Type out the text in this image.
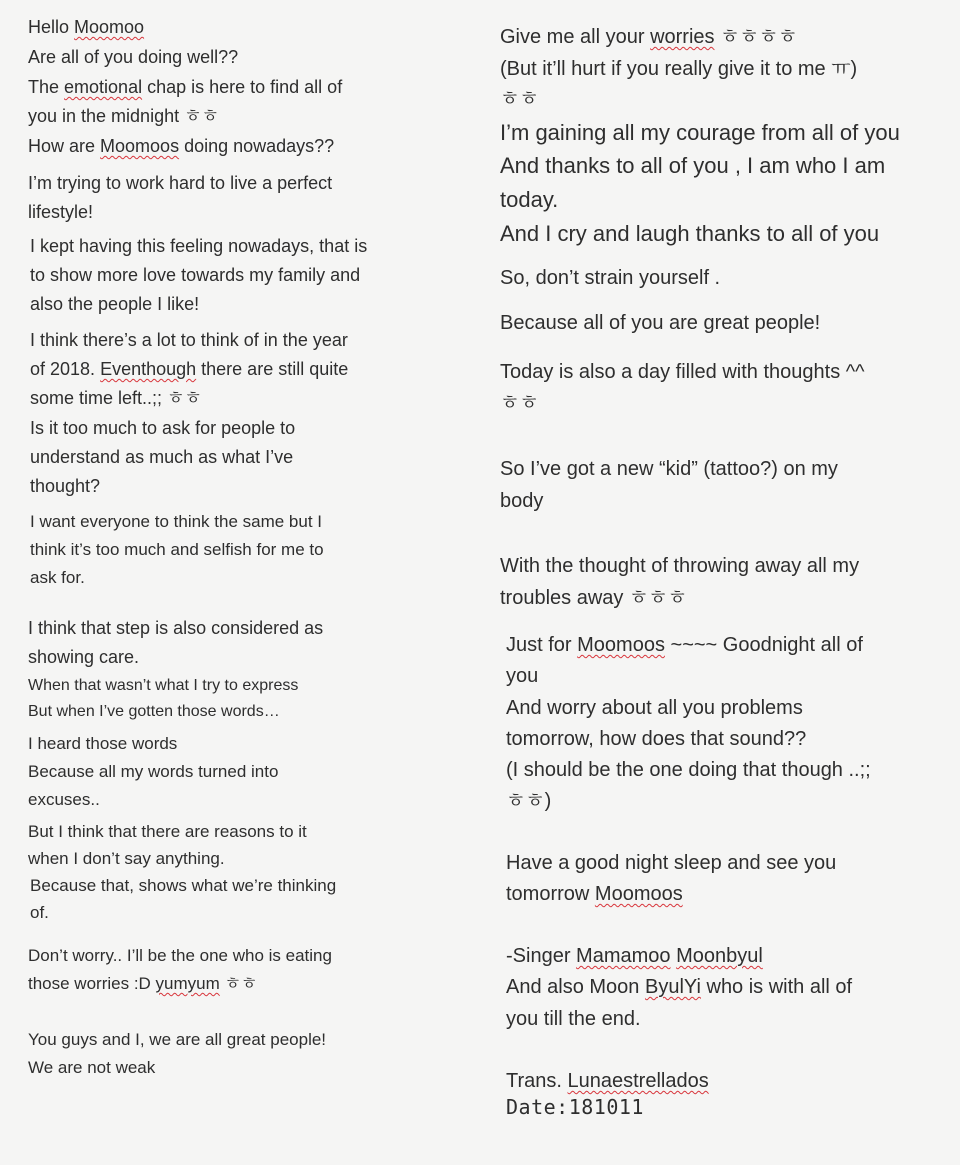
Hello Moomoo

Are all of you doing well??

The emotional chap is here to find all of

you in the midnight ㅎㅎ

How are Moomoos doing nowadays??

I’m trying to work hard to live a perfect

lifestyle!

I kept having this feeling nowadays, that is

to show more love towards my family and

also the people I like!

I think there’s a lot to think of in the year

of 2018. Eventhough there are still quite

some time left..;; ㅎㅎ

Is it too much to ask for people to

understand as much as what I’ve

thought?

I want everyone to think the same but I

think it’s too much and selfish for me to

ask for.

I think that step is also considered as

showing care.

When that wasn’t what I try to express

But when I’ve gotten those words…

I heard those words

Because all my words turned into

excuses..

But I think that there are reasons to it

when I don’t say anything.

Because that, shows what we’re thinking

of.

Don’t worry.. I’ll be the one who is eating

those worries :D yumyum ㅎㅎ

You guys and I, we are all great people!

We are not weak

Give me all your worries ㅎㅎㅎㅎ

(But it’ll hurt if you really give it to me ㅠ)

ㅎㅎ

I’m gaining all my courage from all of you

And thanks to all of you , I am who I am

today.

And I cry and laugh thanks to all of you

So, don’t strain yourself .

Because all of you are great people!

Today is also a day filled with thoughts ^^

ㅎㅎ

So I’ve got a new “kid” (tattoo?) on my

body

With the thought of throwing away all my

troubles away ㅎㅎㅎ

Just for Moomoos ~~~~ Goodnight all of

you

And worry about all you problems

tomorrow, how does that sound??

(I should be the one doing that though ..;;

ㅎㅎ)

Have a good night sleep and see you

tomorrow Moomoos

-Singer Mamamoo Moonbyul

And also Moon ByulYi who is with all of

you till the end.

Trans. Lunaestrellados

Date:181011
